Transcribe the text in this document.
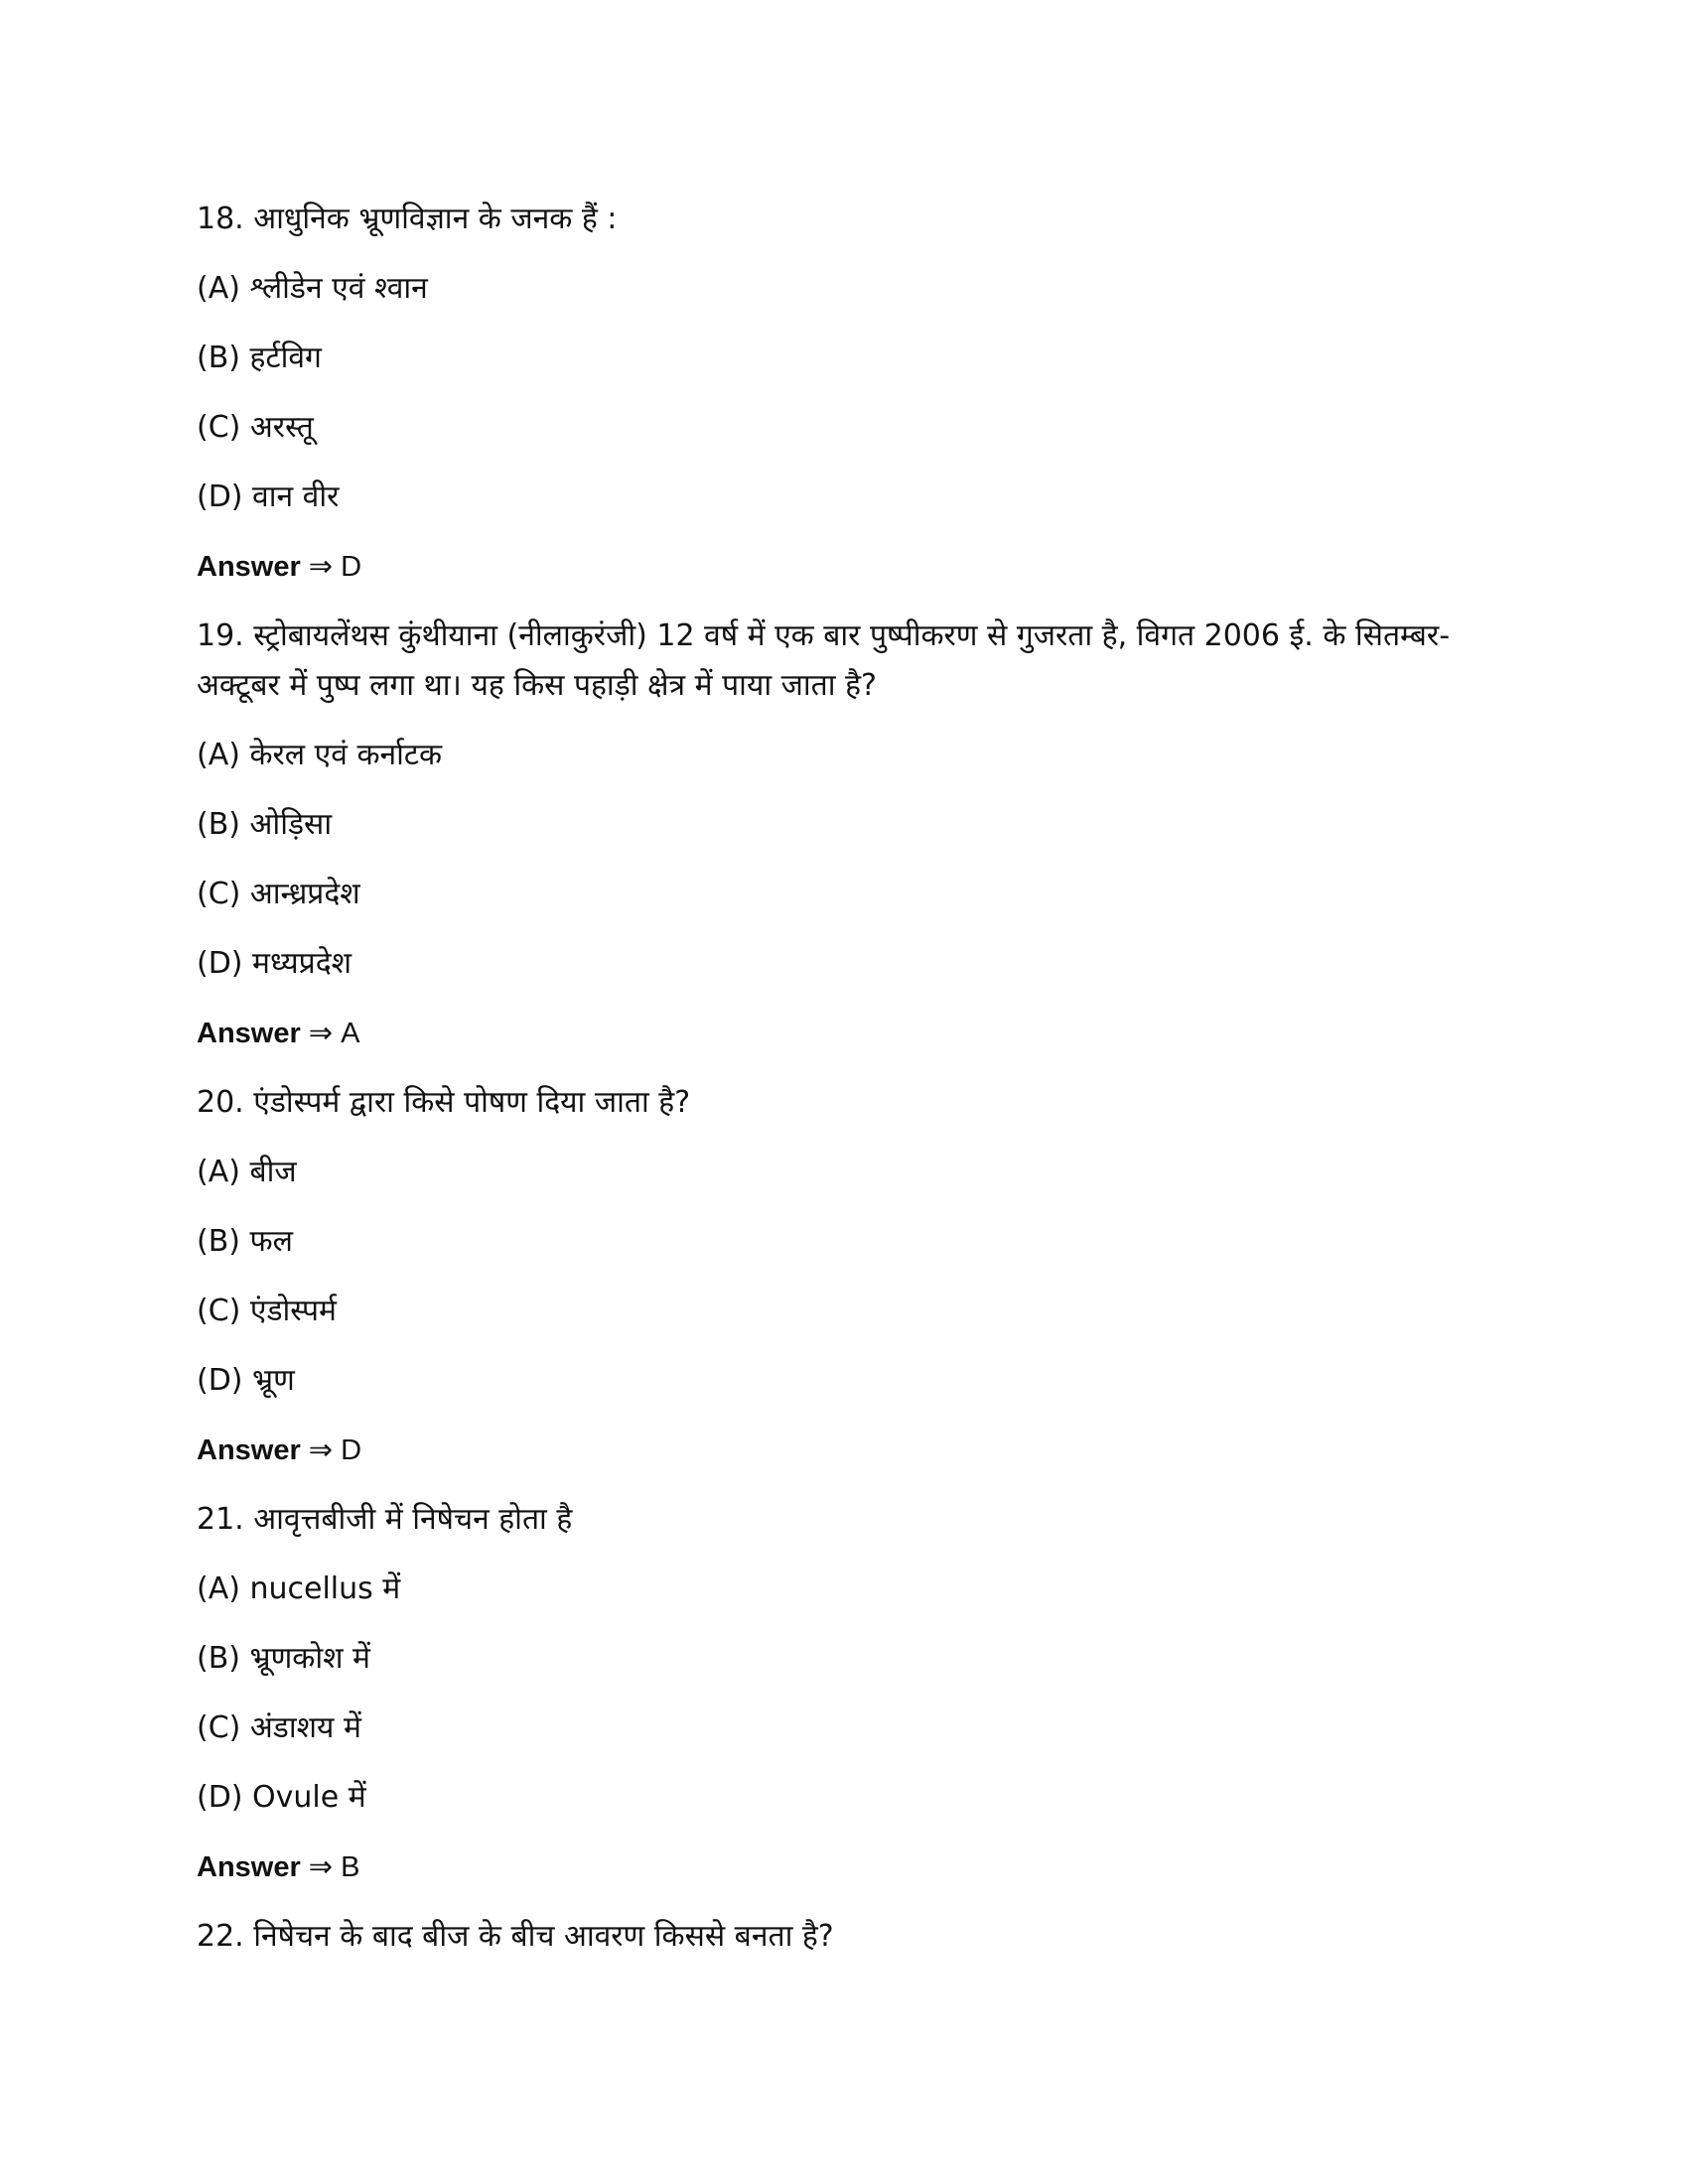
18. आधुनिक भ्रूणविज्ञान के जनक हैं :

(A) श्लीडेन एवं श्वान

(B) हर्टविग

(C) अरस्तू

(D) वान वीर

Answer ⇒ D

19. स्ट्रोबायलेंथस कुंथीयाना (नीलाकुरंजी) 12 वर्ष में एक बार पुष्पीकरण से गुजरता है, विगत 2006 ई. के सितम्बर-अक्टूबर में पुष्प लगा था। यह किस पहाड़ी क्षेत्र में पाया जाता है?

(A) केरल एवं कर्नाटक

(B) ओड़िसा

(C) आन्ध्रप्रदेश

(D) मध्यप्रदेश

Answer ⇒ A

20. एंडोस्पर्म द्वारा किसे पोषण दिया जाता है?

(A) बीज

(B) फल

(C) एंडोस्पर्म

(D) भ्रूण

Answer ⇒ D

21. आवृत्तबीजी में निषेचन होता है

(A) nucellus में

(B) भ्रूणकोश में

(C) अंडाशय में

(D) Ovule में

Answer ⇒ B

22. निषेचन के बाद बीज के बीच आवरण किससे बनता है?
